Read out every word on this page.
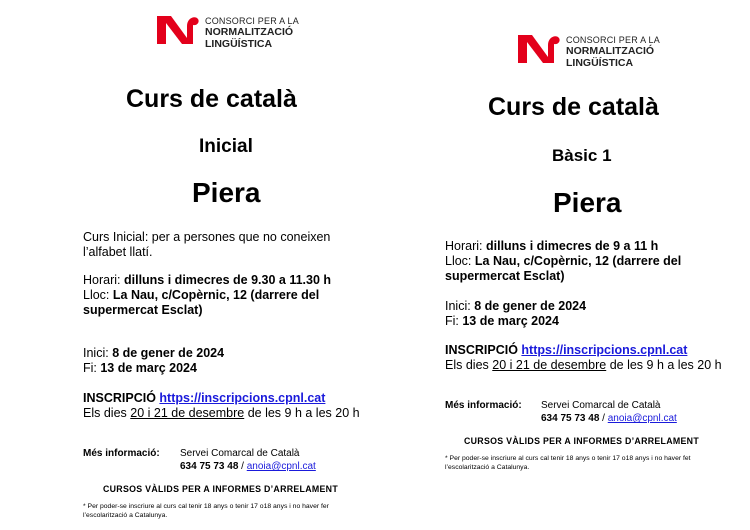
CONSORCI PER A LA
NORMALITZACIÓ
LINGÜÍSTICA
Curs de català
Inicial
Piera
Curs Inicial: per a persones que no coneixen l’alfabet llatí.
Horari: dilluns i dimecres de 9.30 a 11.30 h
Lloc: La Nau, c/Copèrnic, 12 (darrere del supermercat Esclat)
Inici: 8 de gener de 2024
Fi: 13 de març 2024
INSCRIPCIÓ https://inscripcions.cpnl.cat
Els dies 20 i 21 de desembre de les 9 h a les 20 h
Més informació: Servei Comarcal de Català
634 75 73 48 / anoia@cpnl.cat
CURSOS VÀLIDS PER A INFORMES D’ARRELAMENT
* Per poder-se inscriure al curs cal tenir 18 anys o tenir 17 o18 anys i no haver fer l’escolarització a Catalunya.
CONSORCI PER A LA
NORMALITZACIÓ
LINGÜÍSTICA
Curs de català
Bàsic 1
Piera
Horari: dilluns i dimecres de 9 a 11 h
Lloc: La Nau, c/Copèrnic, 12 (darrere del supermercat Esclat)
Inici: 8 de gener de 2024
Fi: 13 de març 2024
INSCRIPCIÓ https://inscripcions.cpnl.cat
Els dies 20 i 21 de desembre de les 9 h a les 20 h
Més informació: Servei Comarcal de Català
634 75 73 48 / anoia@cpnl.cat
CURSOS VÀLIDS PER A INFORMES D’ARRELAMENT
* Per poder-se inscriure al curs cal tenir 18 anys o tenir 17 o18 anys i no haver fet l’escolarització a Catalunya.
